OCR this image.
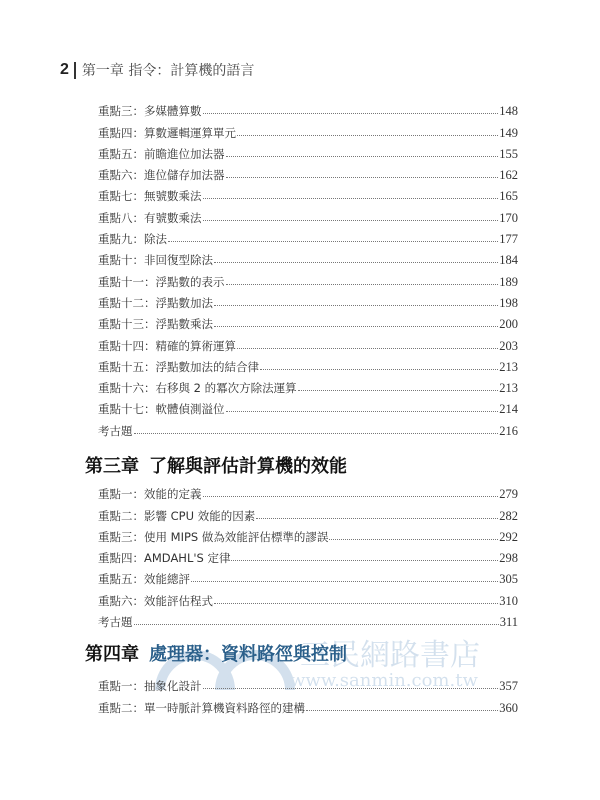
2 第一章 指令：計算機的語言
重點三：多媒體算數	148
重點四：算數邏輯運算單元	149
重點五：前瞻進位加法器	155
重點六：進位儲存加法器	162
重點七：無號數乘法	165
重點八：有號數乘法	170
重點九：除法	177
重點十：非回復型除法	184
重點十一：浮點數的表示	189
重點十二：浮點數加法	198
重點十三：浮點數乘法	200
重點十四：精確的算術運算	203
重點十五：浮點數加法的結合律	213
重點十六：右移與 2 的冪次方除法運算	213
重點十七：軟體偵測溢位	214
考古題	216
第三章 了解與評估計算機的效能
重點一：效能的定義	279
重點二：影響 CPU 效能的因素	282
重點三：使用 MIPS 做為效能評估標準的謬誤	292
重點四：AMDAHL'S 定律	298
重點五：效能總評	305
重點六：效能評估程式	310
考古題	311
三民網路書店
www.sanmin.com.tw
第四章 處理器：資料路徑與控制
重點一：抽象化設計	357
重點二：單一時脈計算機資料路徑的建構	360
